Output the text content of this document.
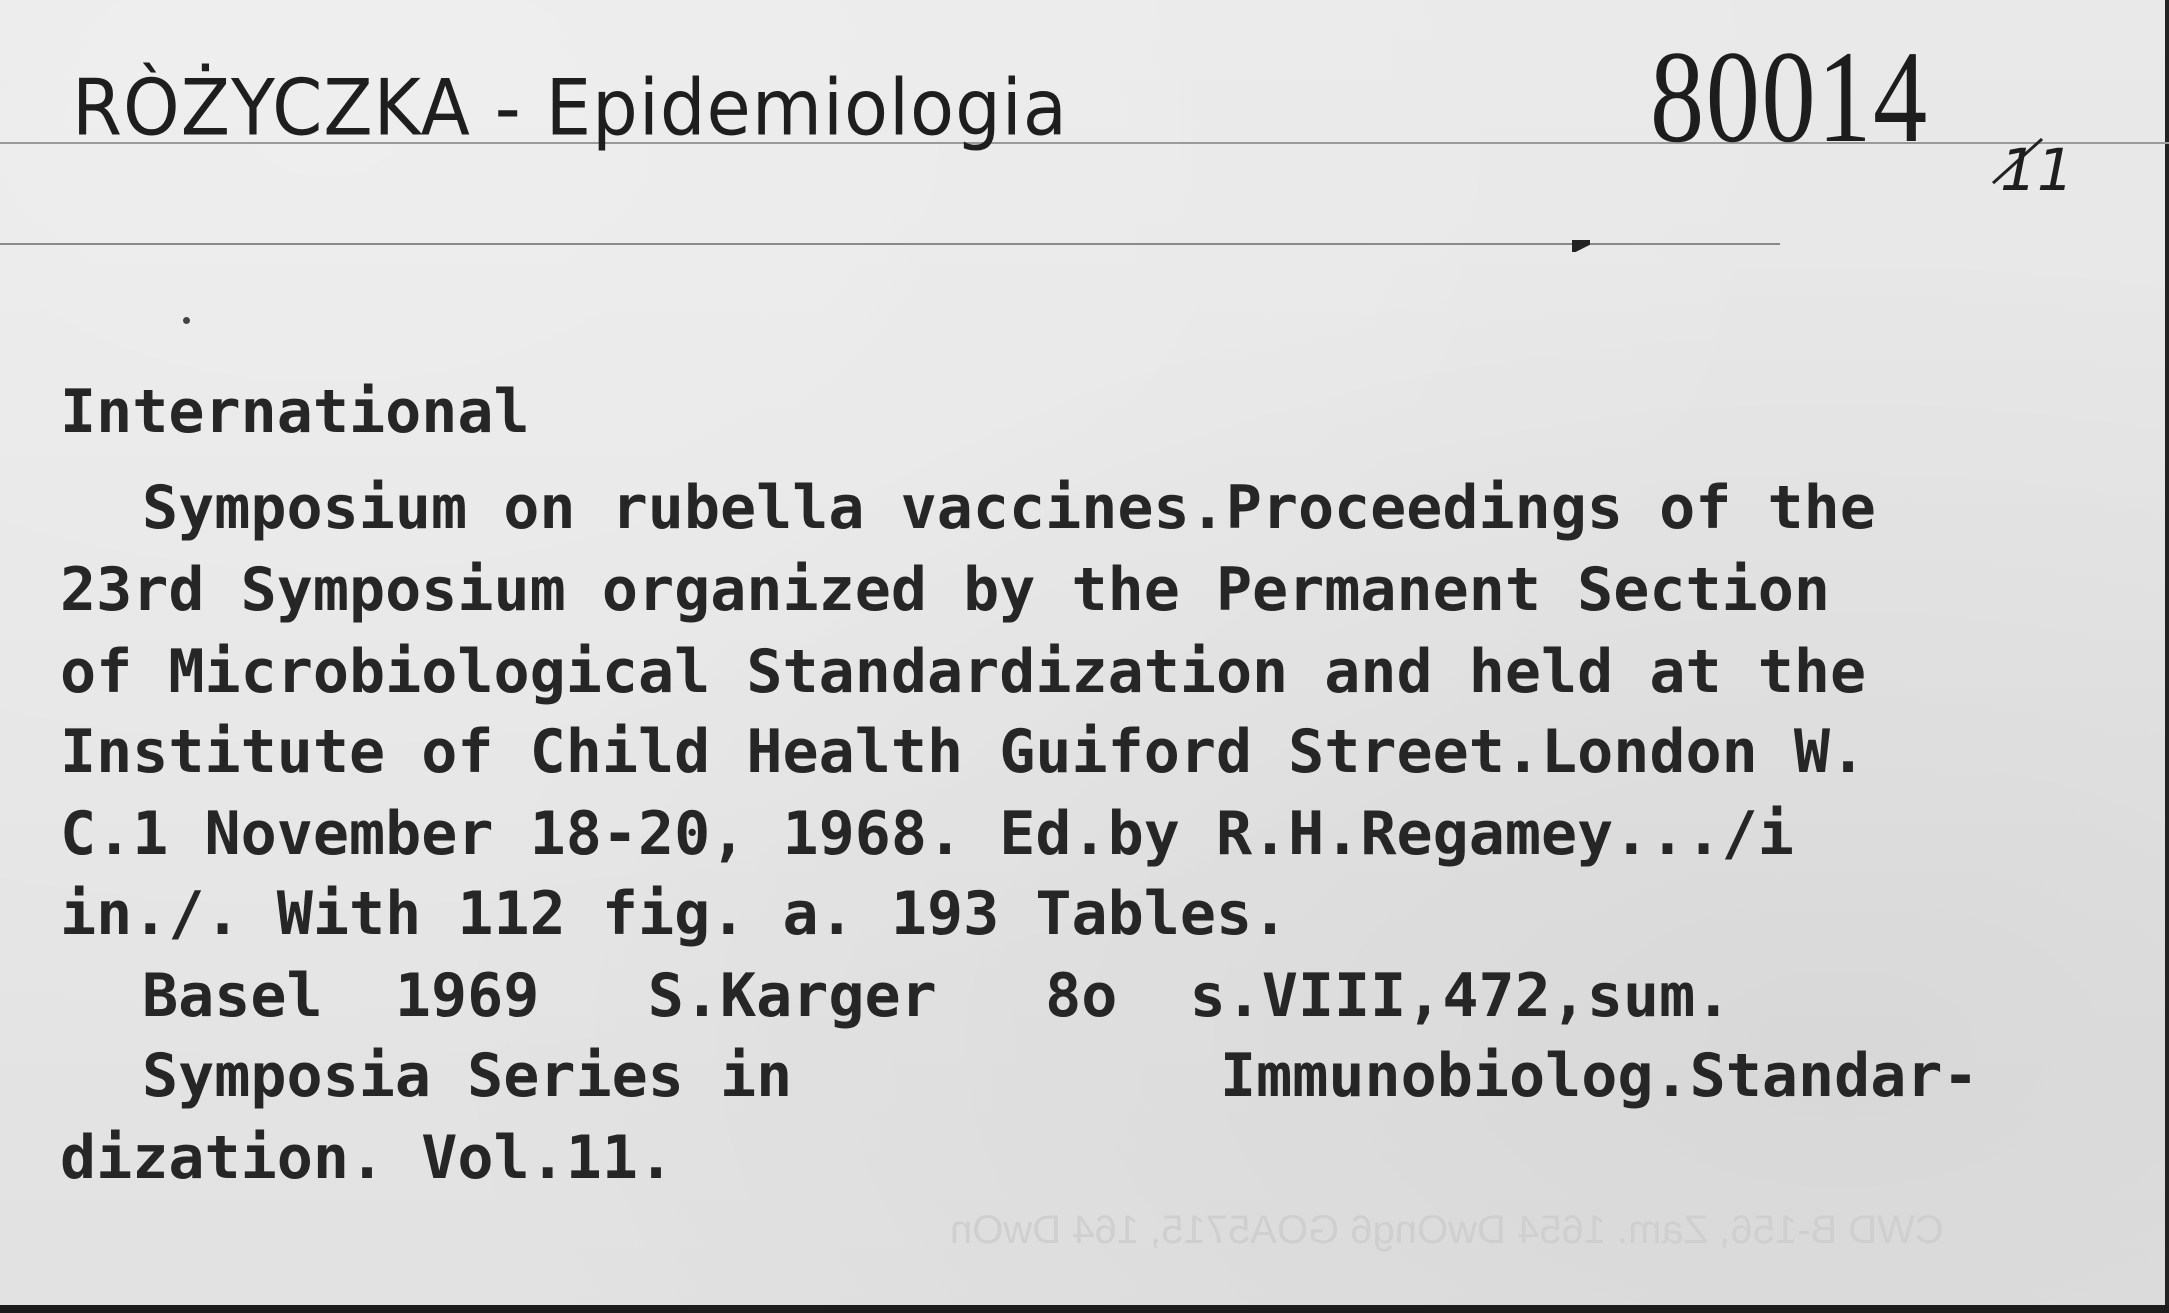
RÒŻYCZKA - Epidemiologia	80014 11
International
Symposium on rubella vaccines.Proceedings of the
23rd Symposium organized by the Permanent Section
of Microbiological Standardization and held at the
Institute of Child Health Guiford Street.London W.
C.1 November 18-20, 1968. Ed.by R.H.Regamey.../i
in./. With 112 fig. a. 193 Tables.
Basel  1969   S.Karger   8o  s.VIII,472,sum.
Symposia Series in	Immunobiolog.Standar-
dization. Vol.11.
CWD B-156, Zam. 1654 DwOng6 GOA5715, 164 DwOn
